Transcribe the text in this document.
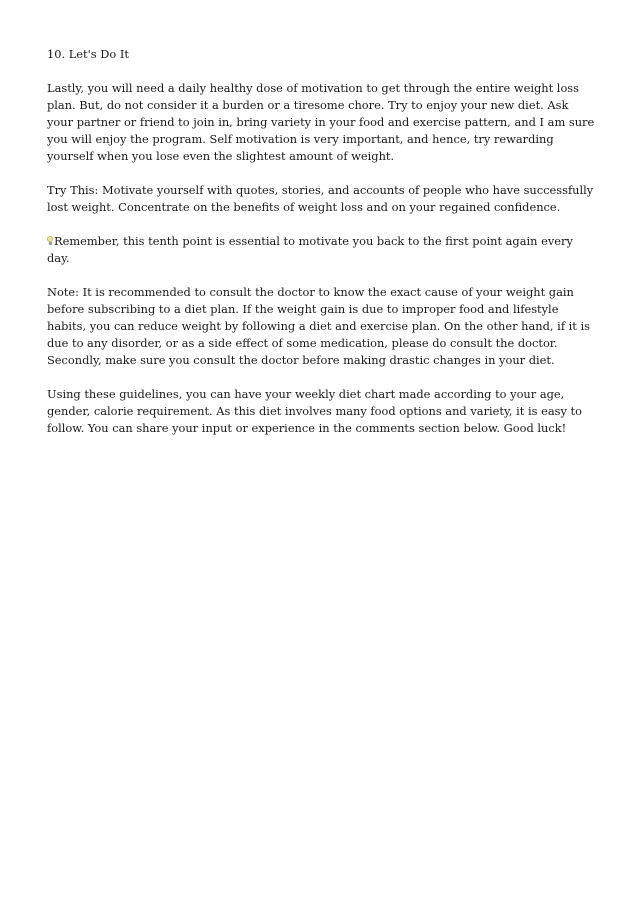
10. Let's Do It

Lastly, you will need a daily healthy dose of motivation to get through the entire weight loss plan. But, do not consider it a burden or a tiresome chore. Try to enjoy your new diet. Ask your partner or friend to join in, bring variety in your food and exercise pattern, and I am sure you will enjoy the program. Self motivation is very important, and hence, try rewarding yourself when you lose even the slightest amount of weight.

Try This: Motivate yourself with quotes, stories, and accounts of people who have successfully lost weight. Concentrate on the benefits of weight loss and on your regained confidence.

Remember, this tenth point is essential to motivate you back to the first point again every day.

Note: It is recommended to consult the doctor to know the exact cause of your weight gain before subscribing to a diet plan. If the weight gain is due to improper food and lifestyle habits, you can reduce weight by following a diet and exercise plan. On the other hand, if it is due to any disorder, or as a side effect of some medication, please do consult the doctor. Secondly, make sure you consult the doctor before making drastic changes in your diet.

Using these guidelines, you can have your weekly diet chart made according to your age, gender, calorie requirement. As this diet involves many food options and variety, it is easy to follow. You can share your input or experience in the comments section below. Good luck!
